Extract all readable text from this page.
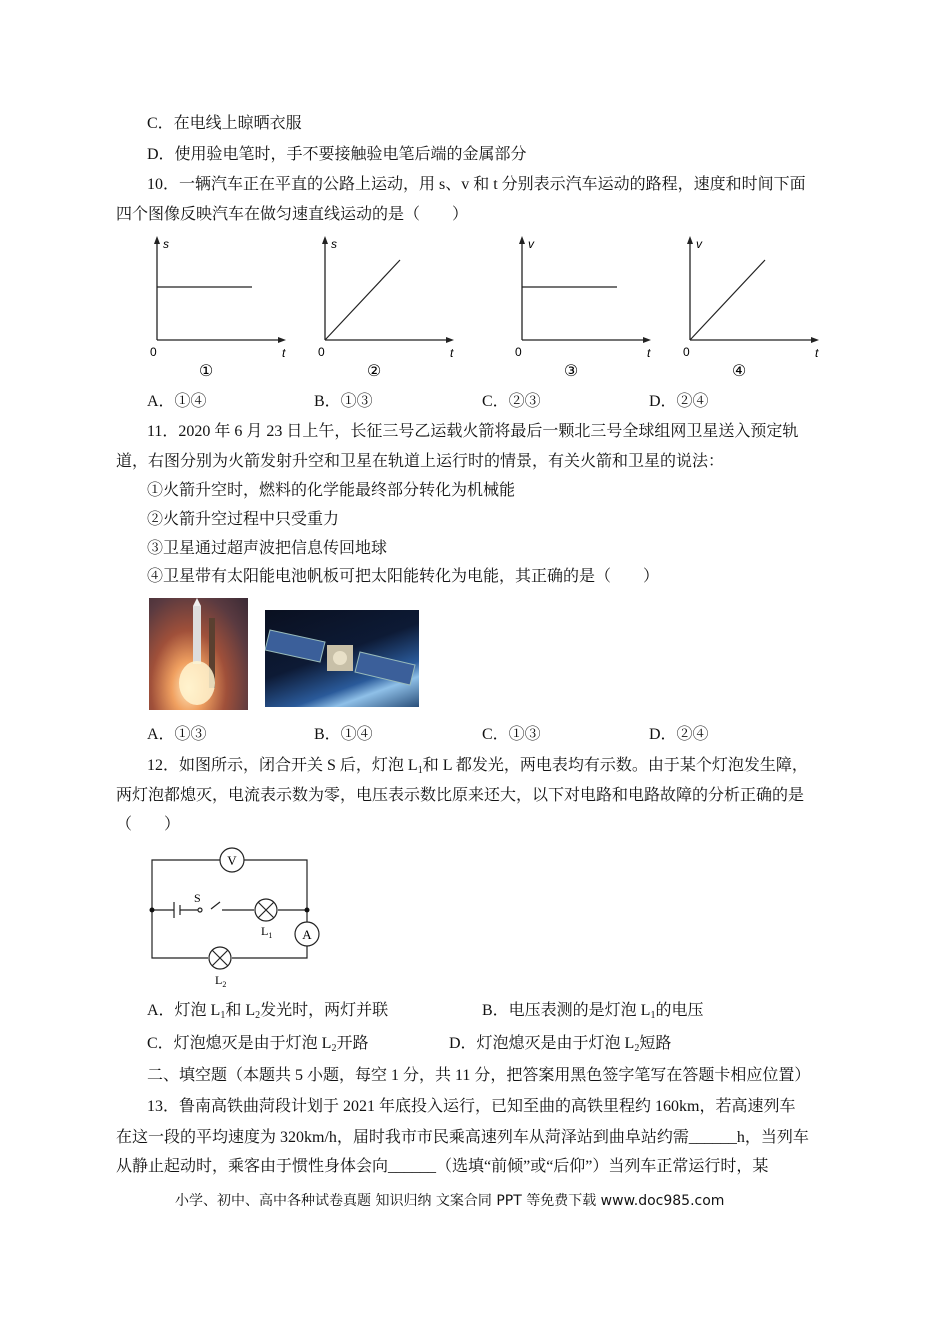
C．在电线上晾晒衣服
D．使用验电笔时，手不要接触验电笔后端的金属部分
10．一辆汽车正在平直的公路上运动，用 s、v 和 t 分别表示汽车运动的路程，速度和时间下面
四个图像反映汽车在做匀速直线运动的是（　　）
s
0	t
①
s
0	t
②
v
0	t
③
v
0	t
④
A．①④	B．①③	C．②③	D．②④
11．2020 年 6 月 23 日上午，长征三号乙运载火箭将最后一颗北三号全球组网卫星送入预定轨
道，右图分别为火箭发射升空和卫星在轨道上运行时的情景，有关火箭和卫星的说法：
①火箭升空时，燃料的化学能最终部分转化为机械能
②火箭升空过程中只受重力
③卫星通过超声波把信息传回地球
④卫星带有太阳能电池帆板可把太阳能转化为电能，其正确的是（　　）
A．①③	B．①④	C．①③	D．②④
12．如图所示，闭合开关 S 后，灯泡 $L_1$和 L 都发光，两电表均有示数。由于某个灯泡发生障，
两灯泡都熄灭，电流表示数为零，电压表示数比原来还大，以下对电路和电路故障的分析正确的是
（　　）
V
A
S
$L_1$
$L_2$
A．灯泡 $L_1$和 $L_2$发光时，两灯并联	B．电压表测的是灯泡 $L_1$的电压
C．灯泡熄灭是由于灯泡 $L_2$开路	D．灯泡熄灭是由于灯泡 $L_2$短路
二、填空题（本题共 5 小题，每空 1 分，共 11 分，把答案用黑色签字笔写在答题卡相应位置）
13．鲁南高铁曲菏段计划于 2021 年底投入运行，已知至曲的高铁里程约 160km，若高速列车
在这一段的平均速度为 320km/h，届时我市市民乘高速列车从菏泽站到曲阜站约需______h，当列车
从静止起动时，乘客由于惯性身体会向______（选填“前倾”或“后仰”）当列车正常运行时，某
小学、初中、高中各种试卷真题 知识归纳 文案合同 PPT 等免费下载 www.doc985.com
